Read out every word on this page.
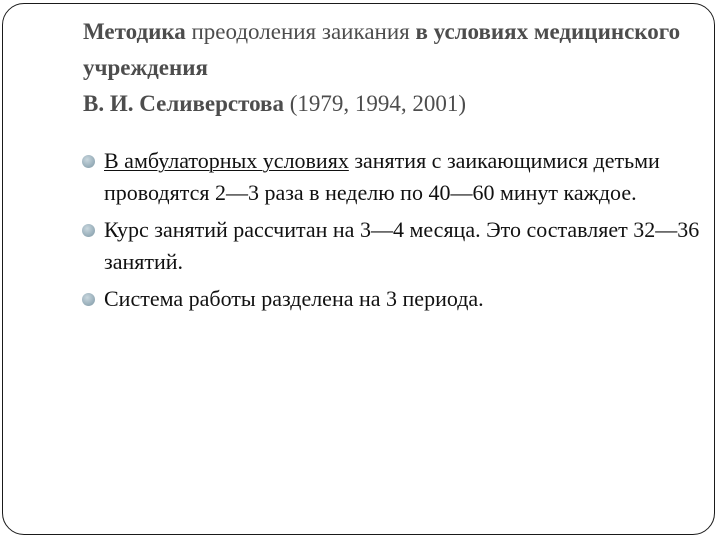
Методика преодоления заикания в условиях медицинского учреждения
В. И. Селиверстова (1979, 1994, 2001)
В амбулаторных условиях занятия с заикающимися детьми проводятся 2—3 раза в неделю по 40—60 минут каждое.
Курс занятий рассчитан на 3—4 месяца. Это составляет 32—36 занятий.
Система работы разделена на 3 периода.
